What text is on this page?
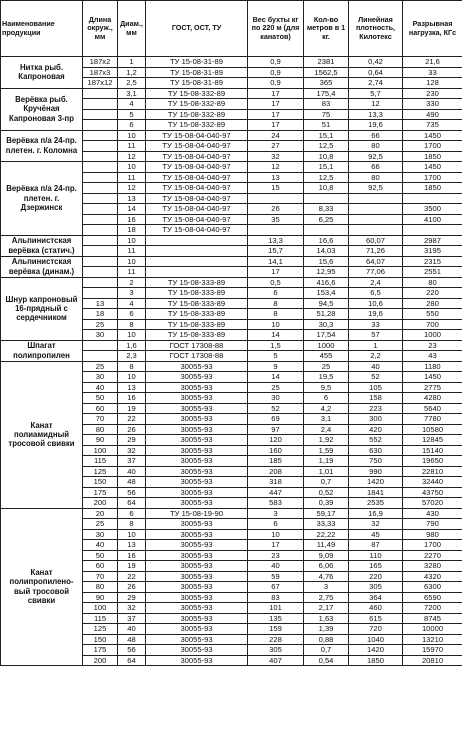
Наименование продукции	Длина окруж., мм	Диам., мм	ГОСТ, ОСТ, ТУ	Вес бухты кг по 220 м (для канатов)	Кол-во метров в 1 кг.	Линейная плотность, Килотекс	Разрывная нагрузка, КГс
Нитка рыб. Капроновая	187х2	1	ТУ 15-08-31-89	0,9	2381	0,42	21,6
	187х3	1,2	ТУ 15-08-31-89	0,9	1562,5	0,64	33
	187х12	2,5	ТУ 15-08-31-89	0,9	365	2,74	128
Верёвка рыб. Кручёная Капроновая 3-пр		3,1	ТУ 15-08-332-89	17	175,4	5,7	230
		4	ТУ 15-08-332-89	17	83	12	330
		5	ТУ 15-08-332-89	17	75	13,3	490
		6	ТУ 15-08-332-89	17	51	19,6	735
Верёвка п/а 24-пр. плетен. г. Коломна		10	ТУ 15-08-04-040-97	24	15,1	66	1450
		11	ТУ 15-08-04-040-97	27	12,5	80	1700
		12	ТУ 15-08-04-040-97	32	10,8	92,5	1850
Верёвка п/а 24-пр. плетен. г. Дзержинск		10	ТУ 15-08-04-040-97	12	15,1	66	1450
		11	ТУ 15-08-04-040-97	13	12,5	80	1700
		12	ТУ 15-08-04-040-97	15	10,8	92,5	1850
		13	ТУ 15-08-04-040-97				
		14	ТУ 15-08-04-040-97	26	8,33		3500
		16	ТУ 15-08-04-040-97	35	6,25		4100
		18	ТУ 15-08-04-040-97				
Альпинистская верёвка (статич.)		10		13,3	16,6	60,07	2987
		11		15,7	14,03	71,26	3195
Альпинистская верёвка (динам.)		10		14,1	15,6	64,07	2315
		11		17	12,95	77,06	2551
Шнур капроновый 16-прядный с сердечником		2	ТУ 15-08-333-89	0,5	416,6	2,4	80
		3	ТУ 15-08-333-89	6	153,4	6,5	220
	13	4	ТУ 15-08-333-89	8	94,5	10,6	280
	18	6	ТУ 15-08-333-89	8	51,28	19,6	550
	25	8	ТУ 15-08-333-89	10	30,3	33	700
	30	10	ТУ 15-08-333-89	14	17,54	57	1000
Шпагат полипропилен		1,6	ГОСТ 17308-88	1,5	1000	1	23
		2,3	ГОСТ 17308-88	5	455	2,2	43
Канат полиамидный тросовой свивки	25	8	30055-93	9	25	40	1180
	30	10	30055-93	14	19,5	52	1450
	40	13	30055-93	25	9,5	105	2775
	50	16	30055-93	30	6	158	4280
	60	19	30055-93	52	4,2	223	5640
	70	22	30055-93	69	3,1	300	7780
	80	26	30055-93	97	2,4	420	10580
	90	29	30055-93	120	1,92	552	12845
	100	32	30055-93	160	1,59	630	15140
	115	37	30055-93	185	1,19	750	19650
	125	40	30055-93	208	1,01	990	22810
	150	48	30055-93	318	0,7	1420	32440
	175	56	30055-93	447	0,52	1841	43750
	200	64	30055-93	583	0,39	2535	57020
Канат полипропилено-вый тросовой свивки	20	6	ТУ 15-08-19-90	3	59,17	16,9	430
	25	8	30055-93	6	33,33	32	790
	30	10	30055-93	10	22,22	45	980
	40	13	30055-93	17	11,49	87	1700
	50	16	30055-93	23	9,09	110	2270
	60	19	30055-93	40	6,06	165	3280
	70	22	30055-93	59	4,76	220	4320
	80	26	30055-93	67	3	305	6300
	90	29	30055-93	83	2,75	364	6590
	100	32	30055-93	101	2,17	460	7200
	115	37	30055-93	135	1,63	615	8745
	125	40	30055-93	159	1,39	720	10000
	150	48	30055-93	228	0,88	1040	13210
	175	56	30055-93	305	0,7	1420	15970
	200	64	30055-93	407	0,54	1850	20810
